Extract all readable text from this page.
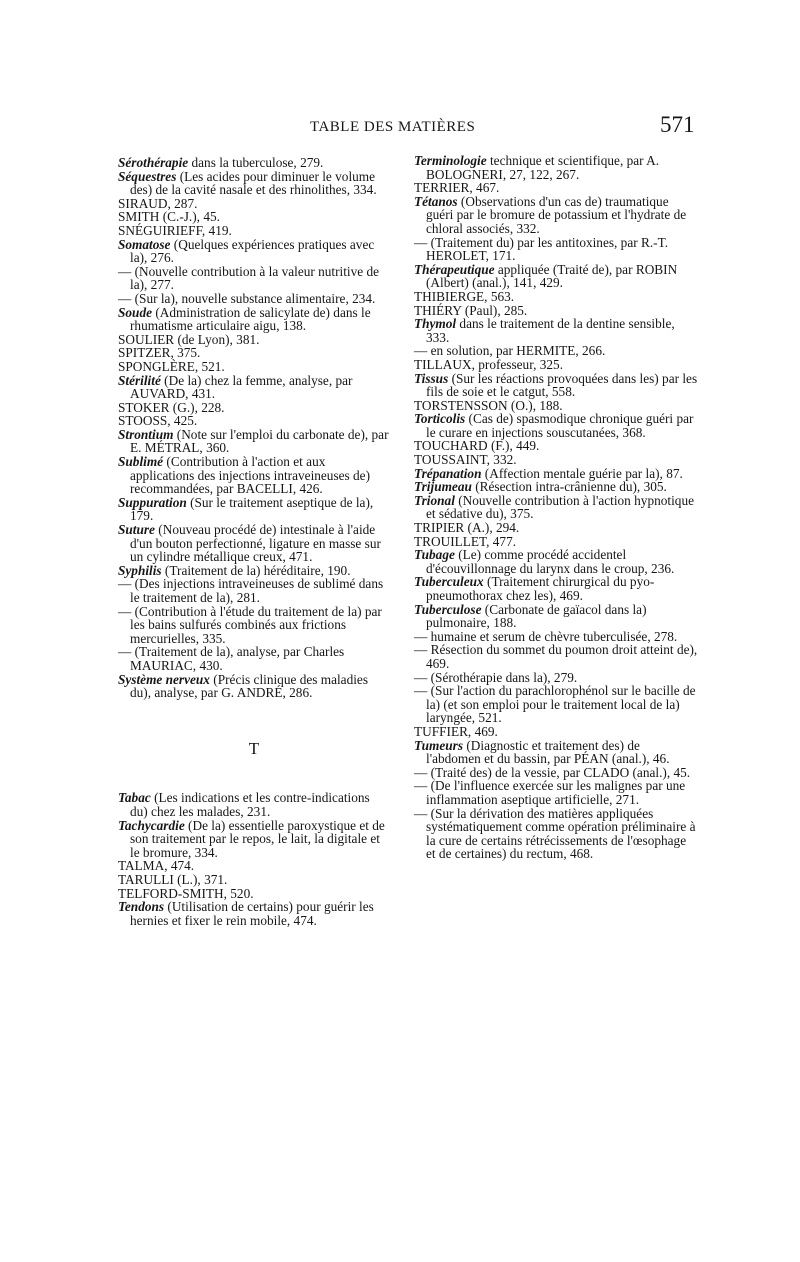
TABLE DES MATIÈRES	571

Sérothérapie dans la tuberculose, 279.

Séquestres (Les acides pour diminuer le volume des) de la cavité nasale et des rhinolithes, 334.

SIRAUD, 287.

SMITH (C.-J.), 45.

SNÉGUIRIEFF, 419.

Somatose (Quelques expériences pratiques avec la), 276.

— (Nouvelle contribution à la valeur nutritive de la), 277.

— (Sur la), nouvelle substance alimentaire, 234.

Soude (Administration de salicylate de) dans le rhumatisme articulaire aigu, 138.

SOULIER (de Lyon), 381.

SPITZER, 375.

SPONGLÈRE, 521.

Stérilité (De la) chez la femme, analyse, par AUVARD, 431.

STOKER (G.), 228.

STOOSS, 425.

Strontium (Note sur l'emploi du carbonate de), par E. MÉTRAL, 360.

Sublimé (Contribution à l'action et aux applications des injections intraveineuses de) recommandées, par BACELLI, 426.

Suppuration (Sur le traitement aseptique de la), 179.

Suture (Nouveau procédé de) intestinale à l'aide d'un bouton perfectionné, ligature en masse sur un cylindre métallique creux, 471.

Syphilis (Traitement de la) héréditaire, 190.

— (Des injections intraveineuses de sublimé dans le traitement de la), 281.

— (Contribution à l'étude du traitement de la) par les bains sulfurés combinés aux frictions mercurielles, 335.

— (Traitement de la), analyse, par Charles MAURIAC, 430.

Système nerveux (Précis clinique des maladies du), analyse, par G. ANDRÉ, 286.

T

Tabac (Les indications et les contre-indications du) chez les malades, 231.

Tachycardie (De la) essentielle paroxystique et de son traitement par le repos, le lait, la digitale et le bromure, 334.

TALMA, 474.

TARULLI (L.), 371.

TELFORD-SMITH, 520.

Tendons (Utilisation de certains) pour guérir les hernies et fixer le rein mobile, 474.

Terminologie technique et scientifique, par A. BOLOGNERI, 27, 122, 267.

TERRIER, 467.

Tétanos (Observations d'un cas de) traumatique guéri par le bromure de potassium et l'hydrate de chloral associés, 332.

— (Traitement du) par les antitoxines, par R.-T. HEROLET, 171.

Thérapeutique appliquée (Traité de), par ROBIN (Albert) (anal.), 141, 429.

THIBIERGE, 563.

THIÉRY (Paul), 285.

Thymol dans le traitement de la dentine sensible, 333.

— en solution, par HERMITE, 266.

TILLAUX, professeur, 325.

Tissus (Sur les réactions provoquées dans les) par les fils de soie et le catgut, 558.

TORSTENSSON (O.), 188.

Torticolis (Cas de) spasmodique chronique guéri par le curare en injections souscutanées, 368.

TOUCHARD (F.), 449.

TOUSSAINT, 332.

Trépanation (Affection mentale guérie par la), 87.

Trijumeau (Résection intra-crânienne du), 305.

Trional (Nouvelle contribution à l'action hypnotique et sédative du), 375.

TRIPIER (A.), 294.

TROUILLET, 477.

Tubage (Le) comme procédé accidentel d'écouvillonnage du larynx dans le croup, 236.

Tuberculeux (Traitement chirurgical du pyo-pneumothorax chez les), 469.

Tuberculose (Carbonate de gaïacol dans la) pulmonaire, 188.

— humaine et serum de chèvre tuberculisée, 278.

— Résection du sommet du poumon droit atteint de), 469.

— (Sérothérapie dans la), 279.

— (Sur l'action du parachlorophénol sur le bacille de la) (et son emploi pour le traitement local de la) laryngée, 521.

TUFFIER, 469.

Tumeurs (Diagnostic et traitement des) de l'abdomen et du bassin, par PÉAN (anal.), 46.

— (Traité des) de la vessie, par CLADO (anal.), 45.

— (De l'influence exercée sur les malignes par une inflammation aseptique artificielle, 271.

— (Sur la dérivation des matières appliquées systématiquement comme opération préliminaire à la cure de certains rétrécissements de l'œsophage et de certaines) du rectum, 468.
